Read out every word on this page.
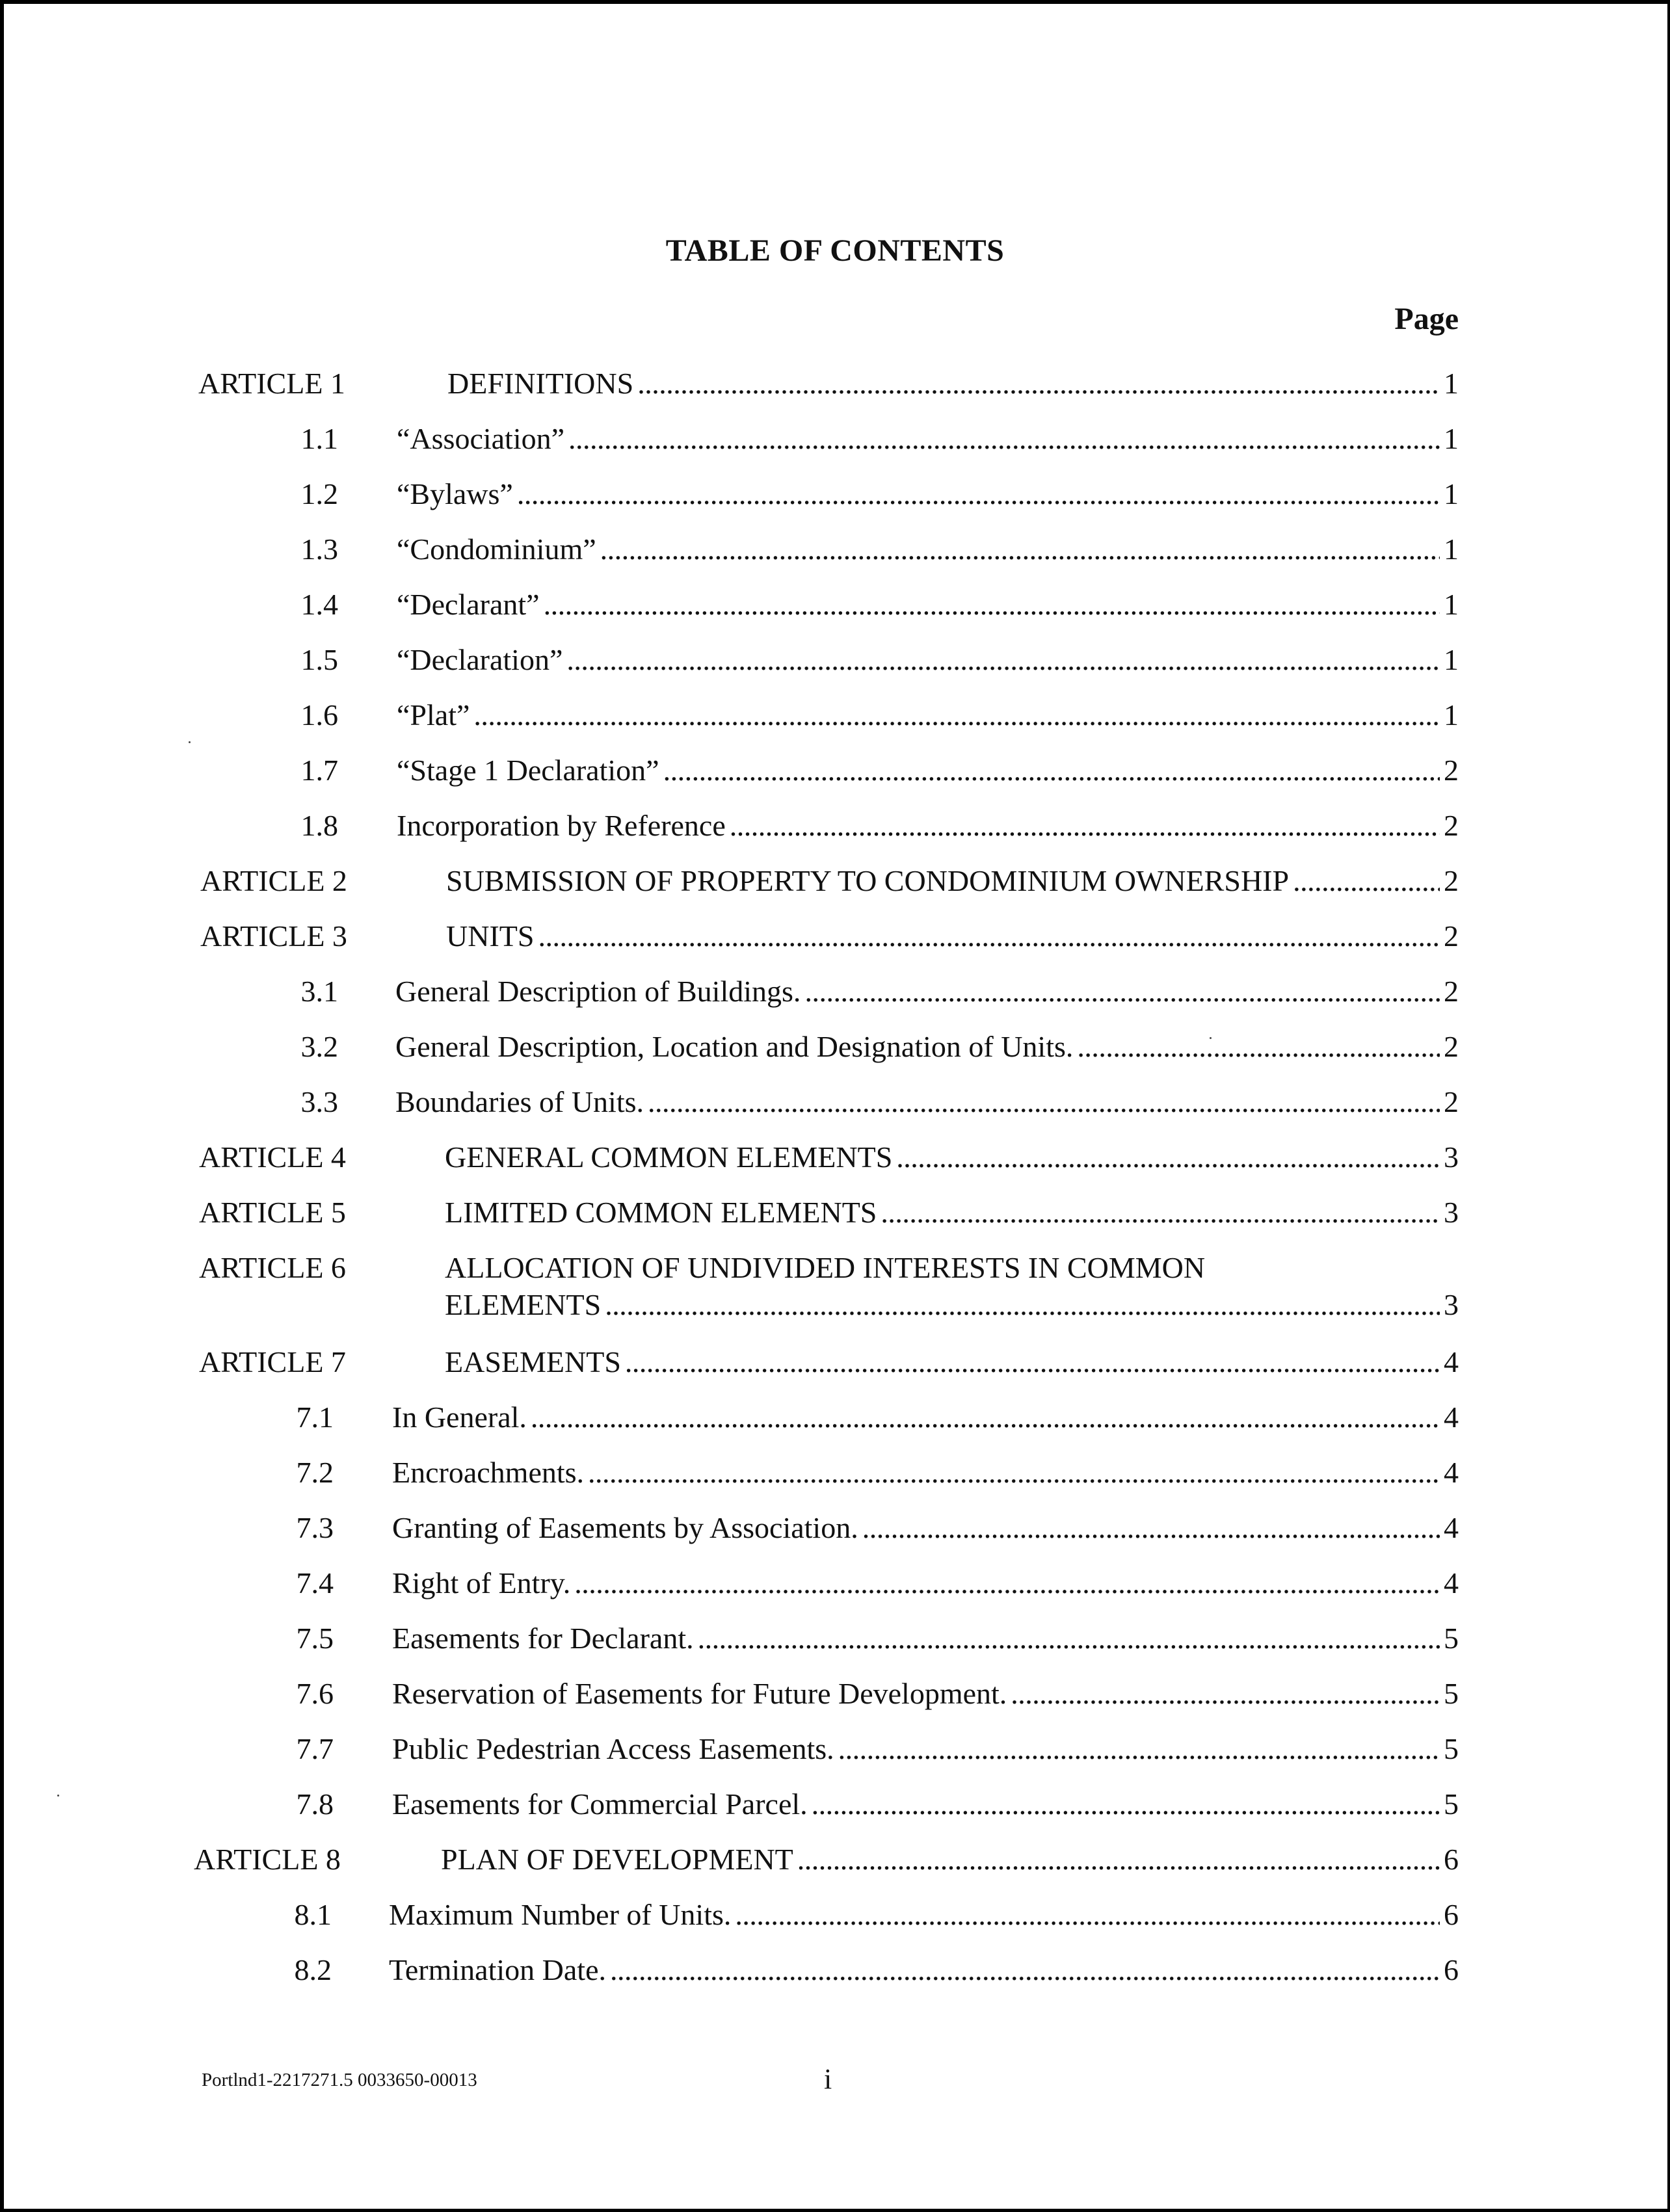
TABLE OF CONTENTS
Page
ARTICLE 1	DEFINITIONS . . .	1
1.1 “Association” . . .	1
1.2 “Bylaws” . . .	1
1.3 “Condominium” . . .	1
1.4 “Declarant” . . .	1
1.5 “Declaration” . . .	1
1.6 “Plat” . . .	1
1.7 “Stage 1 Declaration” . . .	2
1.8 Incorporation by Reference . . .	2
ARTICLE 2	SUBMISSION OF PROPERTY TO CONDOMINIUM OWNERSHIP . . .	2
ARTICLE 3	UNITS . . .	2
3.1 General Description of Buildings. . . .	2
3.2 General Description, Location and Designation of Units. . . .	2
3.3 Boundaries of Units. . . .	2
ARTICLE 4	GENERAL COMMON ELEMENTS . . .	3
ARTICLE 5	LIMITED COMMON ELEMENTS . . .	3
ARTICLE 6	ALLOCATION OF UNDIVIDED INTERESTS IN COMMON
ELEMENTS . . .	3
ARTICLE 7	EASEMENTS . . .	4
7.1 In General. . . .	4
7.2 Encroachments. . . .	4
7.3 Granting of Easements by Association. . . .	4
7.4 Right of Entry. . . .	4
7.5 Easements for Declarant. . . .	5
7.6 Reservation of Easements for Future Development. . . .	5
7.7 Public Pedestrian Access Easements. . . .	5
7.8 Easements for Commercial Parcel. . . .	5
ARTICLE 8	PLAN OF DEVELOPMENT . . .	6
8.1 Maximum Number of Units. . . .	6
8.2 Termination Date. . . .	6
Portlnd1-2217271.5 0033650-00013	i
